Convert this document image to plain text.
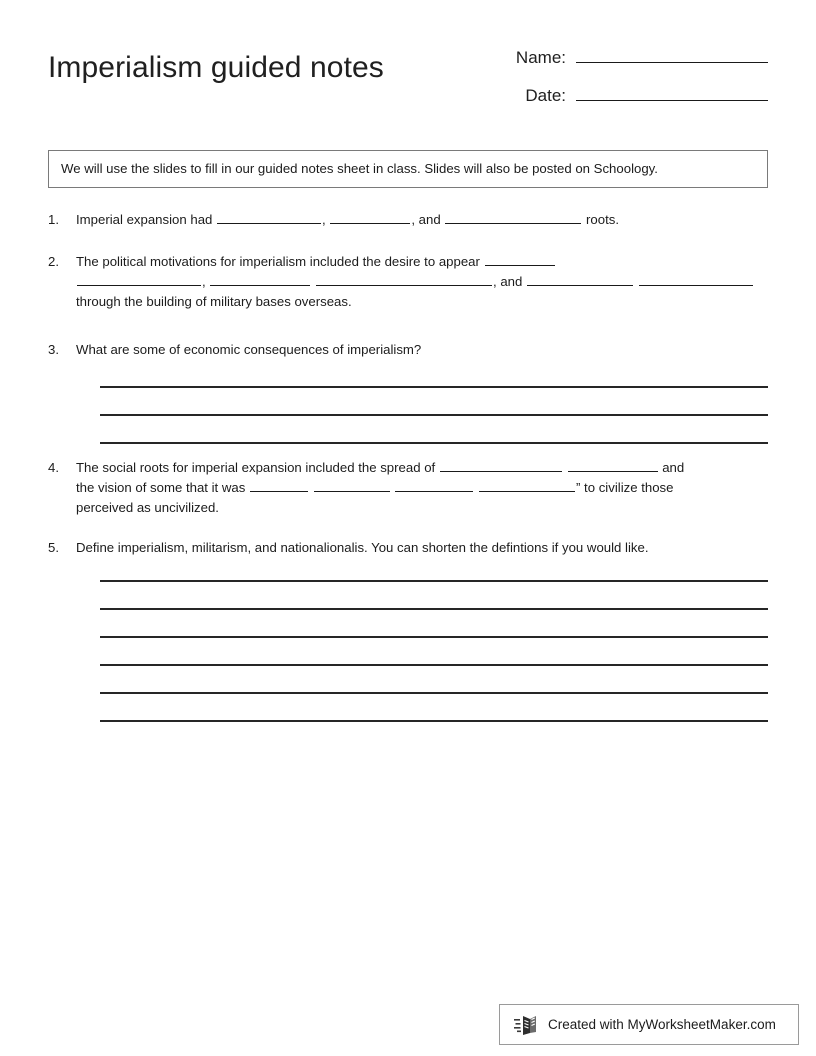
Imperialism guided notes	Name:
Date:
We will use the slides to fill in our guided notes sheet in class. Slides will also be posted on Schoology.
1. Imperial expansion had	,	, and	roots.
2. The political motivations for imperialism included the desire to appear
,	, and
through the building of military bases overseas.
3. What are some of economic consequences of imperialism?
4. The social roots for imperial expansion included the spread of	and
the vision of some that it was	” to civilize those
perceived as uncivilized.
5. Define imperialism, militarism, and nationalionalis. You can shorten the defintions if you would like.
Created with MyWorksheetMaker.com
